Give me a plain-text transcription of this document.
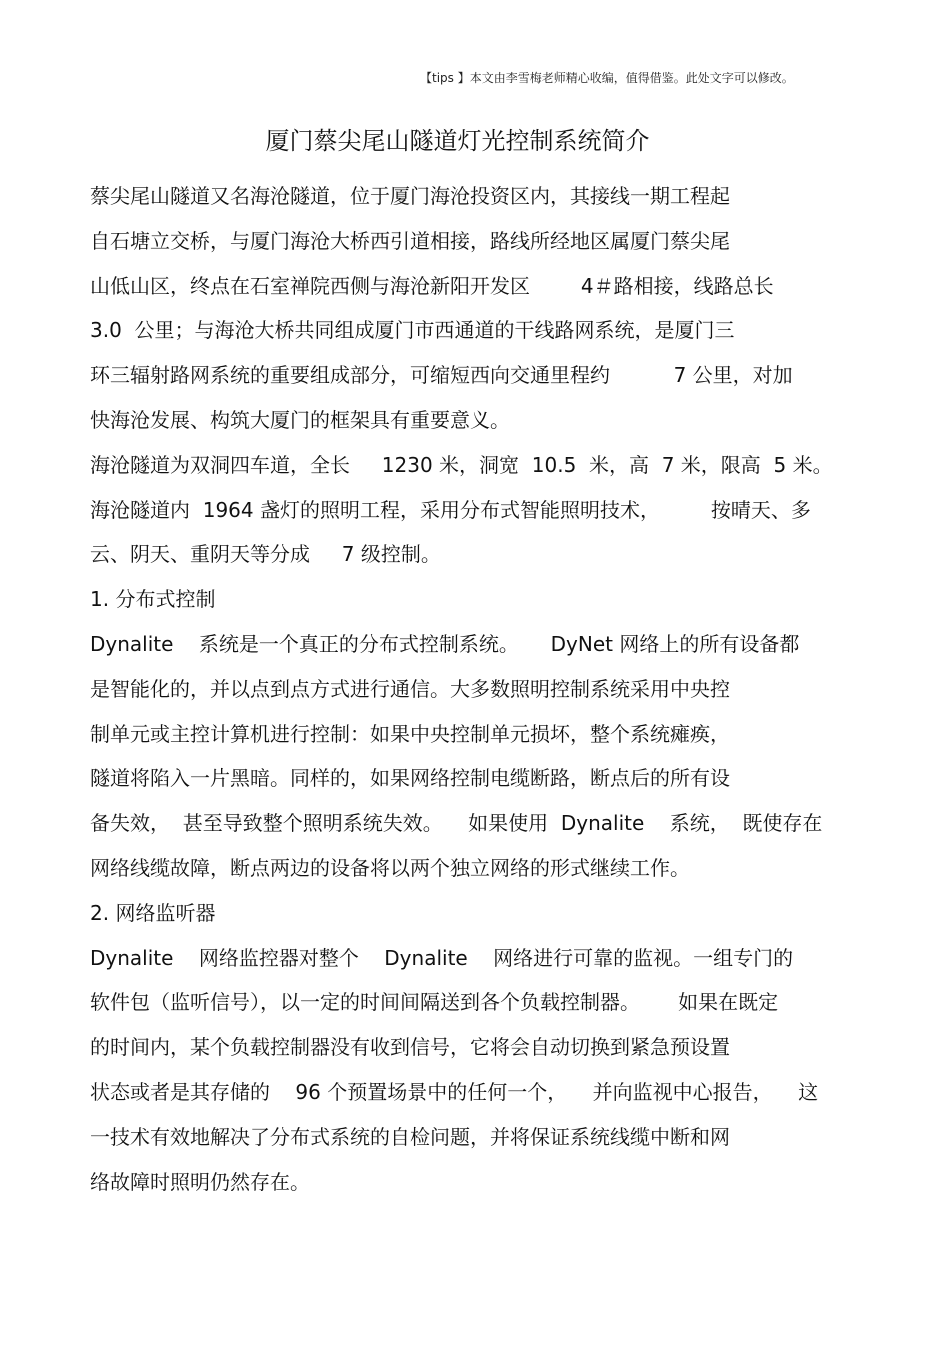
【tips 】本文由李雪梅老师精心收编，值得借鉴。此处文字可以修改。
厦门蔡尖尾山隧道灯光控制系统简介
蔡尖尾山隧道又名海沧隧道，位于厦门海沧投资区内，其接线一期工程起
自石塘立交桥，与厦门海沧大桥西引道相接，路线所经地区属厦门蔡尖尾
山低山区，终点在石室禅院西侧与海沧新阳开发区        4＃路相接，线路总长
3.0  公里；与海沧大桥共同组成厦门市西通道的干线路网系统，是厦门三
环三辐射路网系统的重要组成部分，可缩短西向交通里程约          7 公里，对加
快海沧发展、构筑大厦门的框架具有重要意义。
海沧隧道为双洞四车道，全长     1230 米，洞宽  10.5  米，高  7 米，限高  5 米。
海沧隧道内  1964 盏灯的照明工程，采用分布式智能照明技术，        按晴天、多
云、阴天、重阴天等分成     7 级控制。
1. 分布式控制
Dynalite    系统是一个真正的分布式控制系统。     DyNet 网络上的所有设备都
是智能化的，并以点到点方式进行通信。大多数照明控制系统采用中央控
制单元或主控计算机进行控制：如果中央控制单元损坏，整个系统瘫痪，
隧道将陷入一片黑暗。同样的，如果网络控制电缆断路，断点后的所有设
备失效，  甚至导致整个照明系统失效。    如果使用  Dynalite    系统，  既使存在
网络线缆故障，断点两边的设备将以两个独立网络的形式继续工作。
2. 网络监听器
Dynalite    网络监控器对整个    Dynalite    网络进行可靠的监视。一组专门的
软件包（监听信号），以一定的时间间隔送到各个负载控制器。      如果在既定
的时间内，某个负载控制器没有收到信号，它将会自动切换到紧急预设置
状态或者是其存储的    96 个预置场景中的任何一个，    并向监视中心报告，    这
一技术有效地解决了分布式系统的自检问题，并将保证系统线缆中断和网
络故障时照明仍然存在。
